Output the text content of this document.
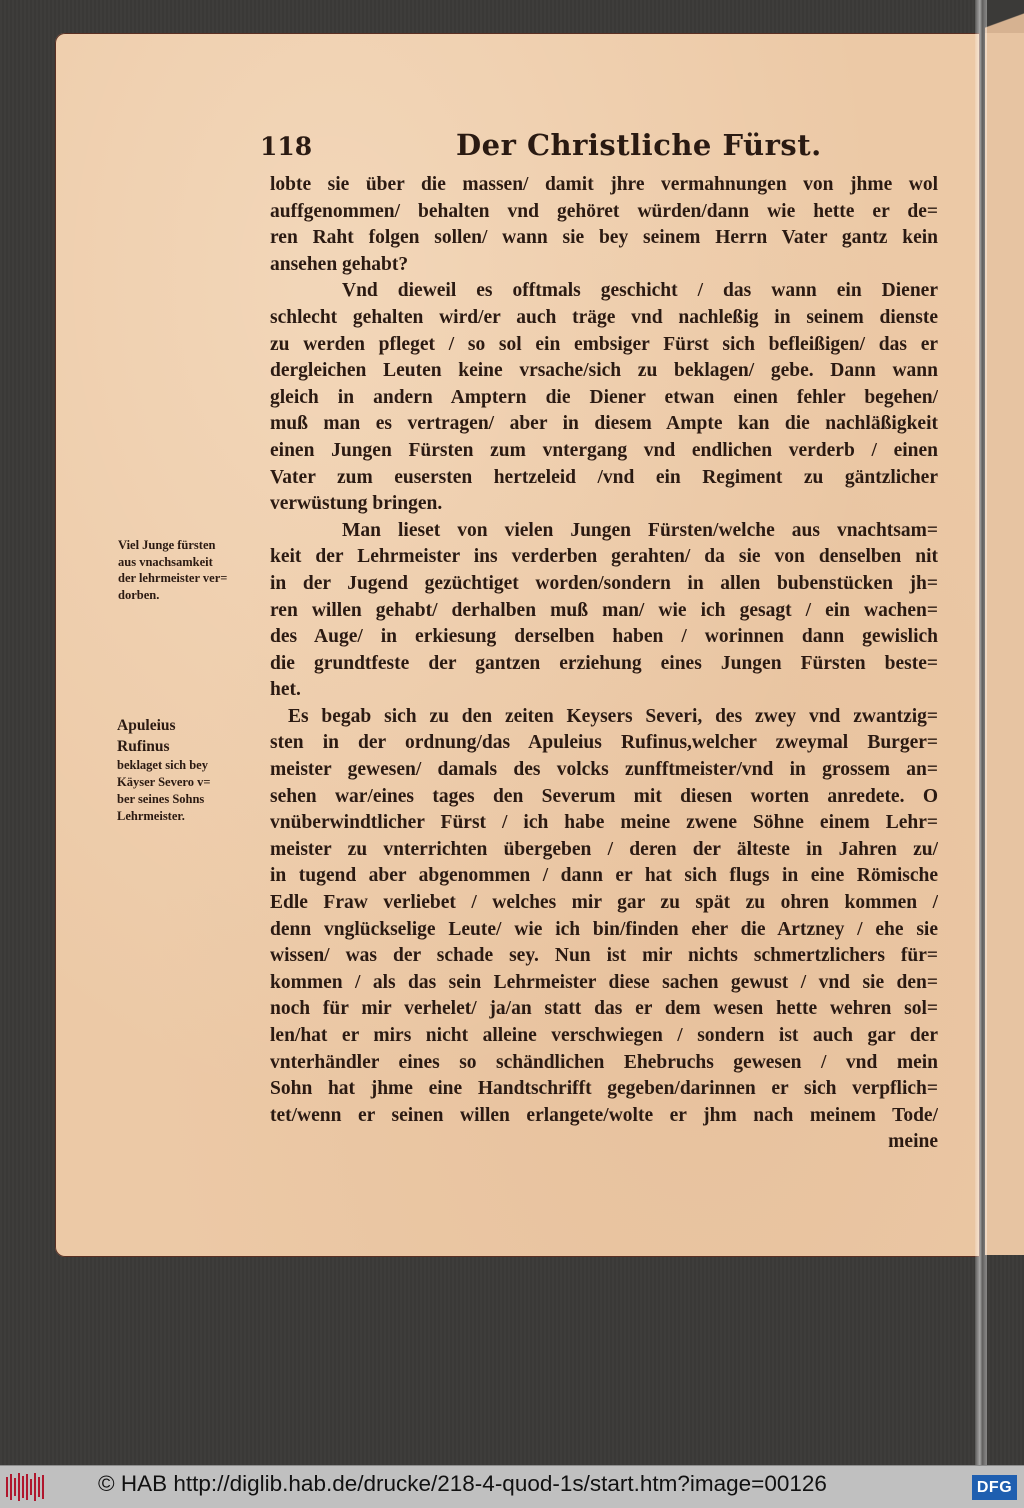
118	Der Christliche Fürst.
lobte sie über die massen/ damit jhre vermahnungen von jhme wol
auffgenommen/ behalten vnd gehöret würden/dann wie hette er de=
ren Raht folgen sollen/ wann sie bey seinem Herrn Vater gantz kein
ansehen gehabt?
Vnd dieweil es offtmals geschicht / das wann ein Diener
schlecht gehalten wird/er auch träge vnd nachleßig in seinem dienste
zu werden pfleget / so sol ein embsiger Fürst sich befleißigen/ das er
dergleichen Leuten keine vrsache/sich zu beklagen/ gebe. Dann wann
gleich in andern Amptern die Diener etwan einen fehler begehen/
muß man es vertragen/ aber in diesem Ampte kan die nachläßigkeit
einen Jungen Fürsten zum vntergang vnd endlichen verderb / einen
Vater zum eusersten hertzeleid /vnd ein Regiment zu gäntzlicher
verwüstung bringen.
Man lieset von vielen Jungen Fürsten/welche aus vnachtsam=
keit der Lehrmeister ins verderben gerahten/ da sie von denselben nit
in der Jugend gezüchtiget worden/sondern in allen bubenstücken jh=
ren willen gehabt/ derhalben muß man/ wie ich gesagt / ein wachen=
des Auge/ in erkiesung derselben haben / worinnen dann gewislich
die grundtfeste der gantzen erziehung eines Jungen Fürsten beste=
het.
Es begab sich zu den zeiten Keysers Severi, des zwey vnd zwantzig=
sten in der ordnung/das Apuleius Rufinus,welcher zweymal Burger=
meister gewesen/ damals des volcks zunfftmeister/vnd in grossem an=
sehen war/eines tages den Severum mit diesen worten anredete. O
vnüberwindtlicher Fürst / ich habe meine zwene Söhne einem Lehr=
meister zu vnterrichten übergeben / deren der älteste in Jahren zu/
in tugend aber abgenommen / dann er hat sich flugs in eine Römische
Edle Fraw verliebet / welches mir gar zu spät zu ohren kommen /
denn vnglückselige Leute/ wie ich bin/finden eher die Artzney / ehe sie
wissen/ was der schade sey. Nun ist mir nichts schmertzlichers für=
kommen / als das sein Lehrmeister diese sachen gewust / vnd sie den=
noch für mir verhelet/ ja/an statt das er dem wesen hette wehren sol=
len/hat er mirs nicht alleine verschwiegen / sondern ist auch gar der
vnterhändler eines so schändlichen Ehebruchs gewesen / vnd mein
Sohn hat jhme eine Handtschrifft gegeben/darinnen er sich verpflich=
tet/wenn er seinen willen erlangete/wolte er jhm nach meinem Tode/
meine
Viel Junge fürsten
aus vnachsamkeit
der lehrmeister ver=
dorben.
Apuleius
Rufinus
beklaget sich bey
Käyser Severo v=
ber seines Sohns
Lehrmeister.
© HAB http://diglib.hab.de/drucke/218-4-quod-1s/start.htm?image=00126	DFG
